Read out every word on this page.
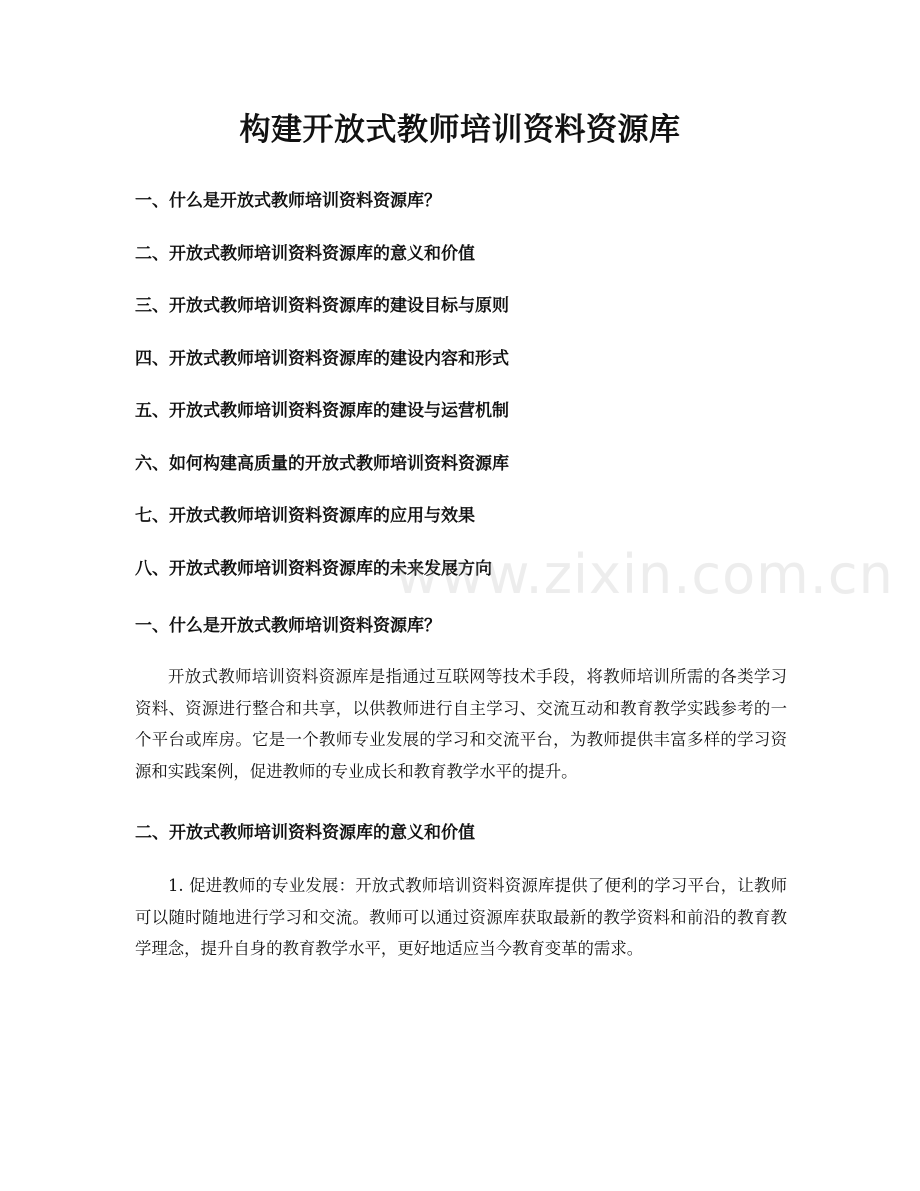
构建开放式教师培训资料资源库
一、什么是开放式教师培训资料资源库？
二、开放式教师培训资料资源库的意义和价值
三、开放式教师培训资料资源库的建设目标与原则
四、开放式教师培训资料资源库的建设内容和形式
五、开放式教师培训资料资源库的建设与运营机制
六、如何构建高质量的开放式教师培训资料资源库
七、开放式教师培训资料资源库的应用与效果
八、开放式教师培训资料资源库的未来发展方向
一、什么是开放式教师培训资料资源库？

开放式教师培训资料资源库是指通过互联网等技术手段，将教师培训所需的各类学习资料、资源进行整合和共享，以供教师进行自主学习、交流互动和教育教学实践参考的一个平台或库房。它是一个教师专业发展的学习和交流平台，为教师提供丰富多样的学习资源和实践案例，促进教师的专业成长和教育教学水平的提升。

二、开放式教师培训资料资源库的意义和价值

1. 促进教师的专业发展：开放式教师培训资料资源库提供了便利的学习平台，让教师可以随时随地进行学习和交流。教师可以通过资源库获取最新的教学资料和前沿的教育教学理念，提升自身的教育教学水平，更好地适应当今教育变革的需求。

www.zixin.com.cn
